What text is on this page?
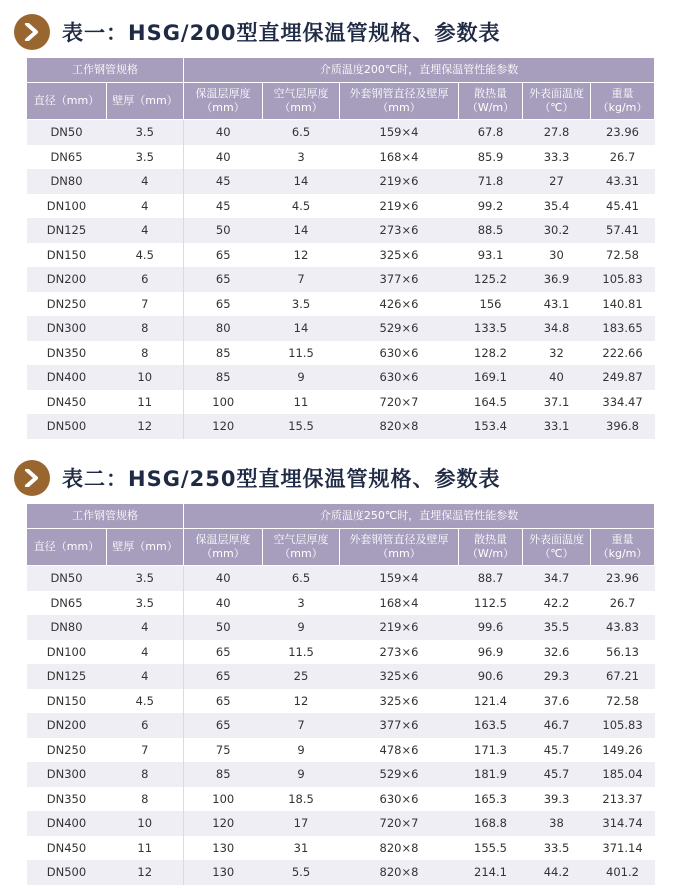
表一：HSG/200型直埋保温管规格、参数表
工作钢管规格		介质温度200℃时，直埋保温管性能参数					
直径（mm）	壁厚（mm）	保温层厚度（mm）	空气层厚度（mm）	外套钢管直径及壁厚（mm）	散热量（W/m）	外表面温度（℃）	重量（kg/m）
DN50	3.5	40	6.5	159×4	67.8	27.8	23.96
DN65	3.5	40	3	168×4	85.9	33.3	26.7
DN80	4	45	14	219×6	71.8	27	43.31
DN100	4	45	4.5	219×6	99.2	35.4	45.41
DN125	4	50	14	273×6	88.5	30.2	57.41
DN150	4.5	65	12	325×6	93.1	30	72.58
DN200	6	65	7	377×6	125.2	36.9	105.83
DN250	7	65	3.5	426×6	156	43.1	140.81
DN300	8	80	14	529×6	133.5	34.8	183.65
DN350	8	85	11.5	630×6	128.2	32	222.66
DN400	10	85	9	630×6	169.1	40	249.87
DN450	11	100	11	720×7	164.5	37.1	334.47
DN500	12	120	15.5	820×8	153.4	33.1	396.8
表二：HSG/250型直埋保温管规格、参数表
工作钢管规格		介质温度250℃时，直埋保温管性能参数					
直径（mm）	壁厚（mm）	保温层厚度（mm）	空气层厚度（mm）	外套钢管直径及壁厚（mm）	散热量（W/m）	外表面温度（℃）	重量（kg/m）
DN50	3.5	40	6.5	159×4	88.7	34.7	23.96
DN65	3.5	40	3	168×4	112.5	42.2	26.7
DN80	4	50	9	219×6	99.6	35.5	43.83
DN100	4	65	11.5	273×6	96.9	32.6	56.13
DN125	4	65	25	325×6	90.6	29.3	67.21
DN150	4.5	65	12	325×6	121.4	37.6	72.58
DN200	6	65	7	377×6	163.5	46.7	105.83
DN250	7	75	9	478×6	171.3	45.7	149.26
DN300	8	85	9	529×6	181.9	45.7	185.04
DN350	8	100	18.5	630×6	165.3	39.3	213.37
DN400	10	120	17	720×7	168.8	38	314.74
DN450	11	130	31	820×8	155.5	33.5	371.14
DN500	12	130	5.5	820×8	214.1	44.2	401.2
